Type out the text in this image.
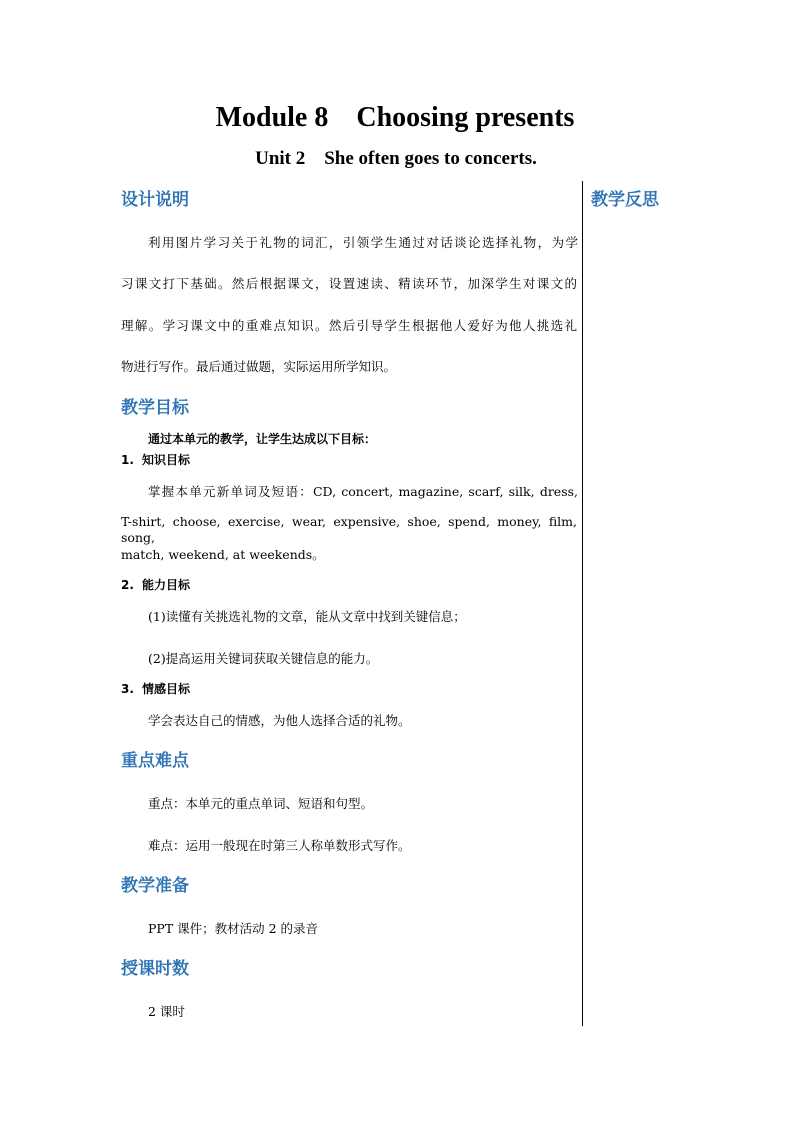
Module 8    Choosing presents
Unit 2    She often goes to concerts.
教学反思
设计说明
利用图片学习关于礼物的词汇，引领学生通过对话谈论选择礼物，为学
习课文打下基础。然后根据课文，设置速读、精读环节，加深学生对课文的
理解。学习课文中的重难点知识。然后引导学生根据他人爱好为他人挑选礼
物进行写作。最后通过做题，实际运用所学知识。
教学目标
通过本单元的教学，让学生达成以下目标：
1. 知识目标
掌握本单元新单词及短语：CD, concert, magazine, scarf, silk, dress,
T-shirt, choose, exercise, wear, expensive, shoe, spend, money, film, song,
match, weekend, at weekends。
2. 能力目标
(1)读懂有关挑选礼物的文章，能从文章中找到关键信息；
(2)提高运用关键词获取关键信息的能力。
3. 情感目标
学会表达自己的情感，为他人选择合适的礼物。
重点难点
重点：本单元的重点单词、短语和句型。
难点：运用一般现在时第三人称单数形式写作。
教学准备
PPT 课件；教材活动 2 的录音
授课时数
2 课时
